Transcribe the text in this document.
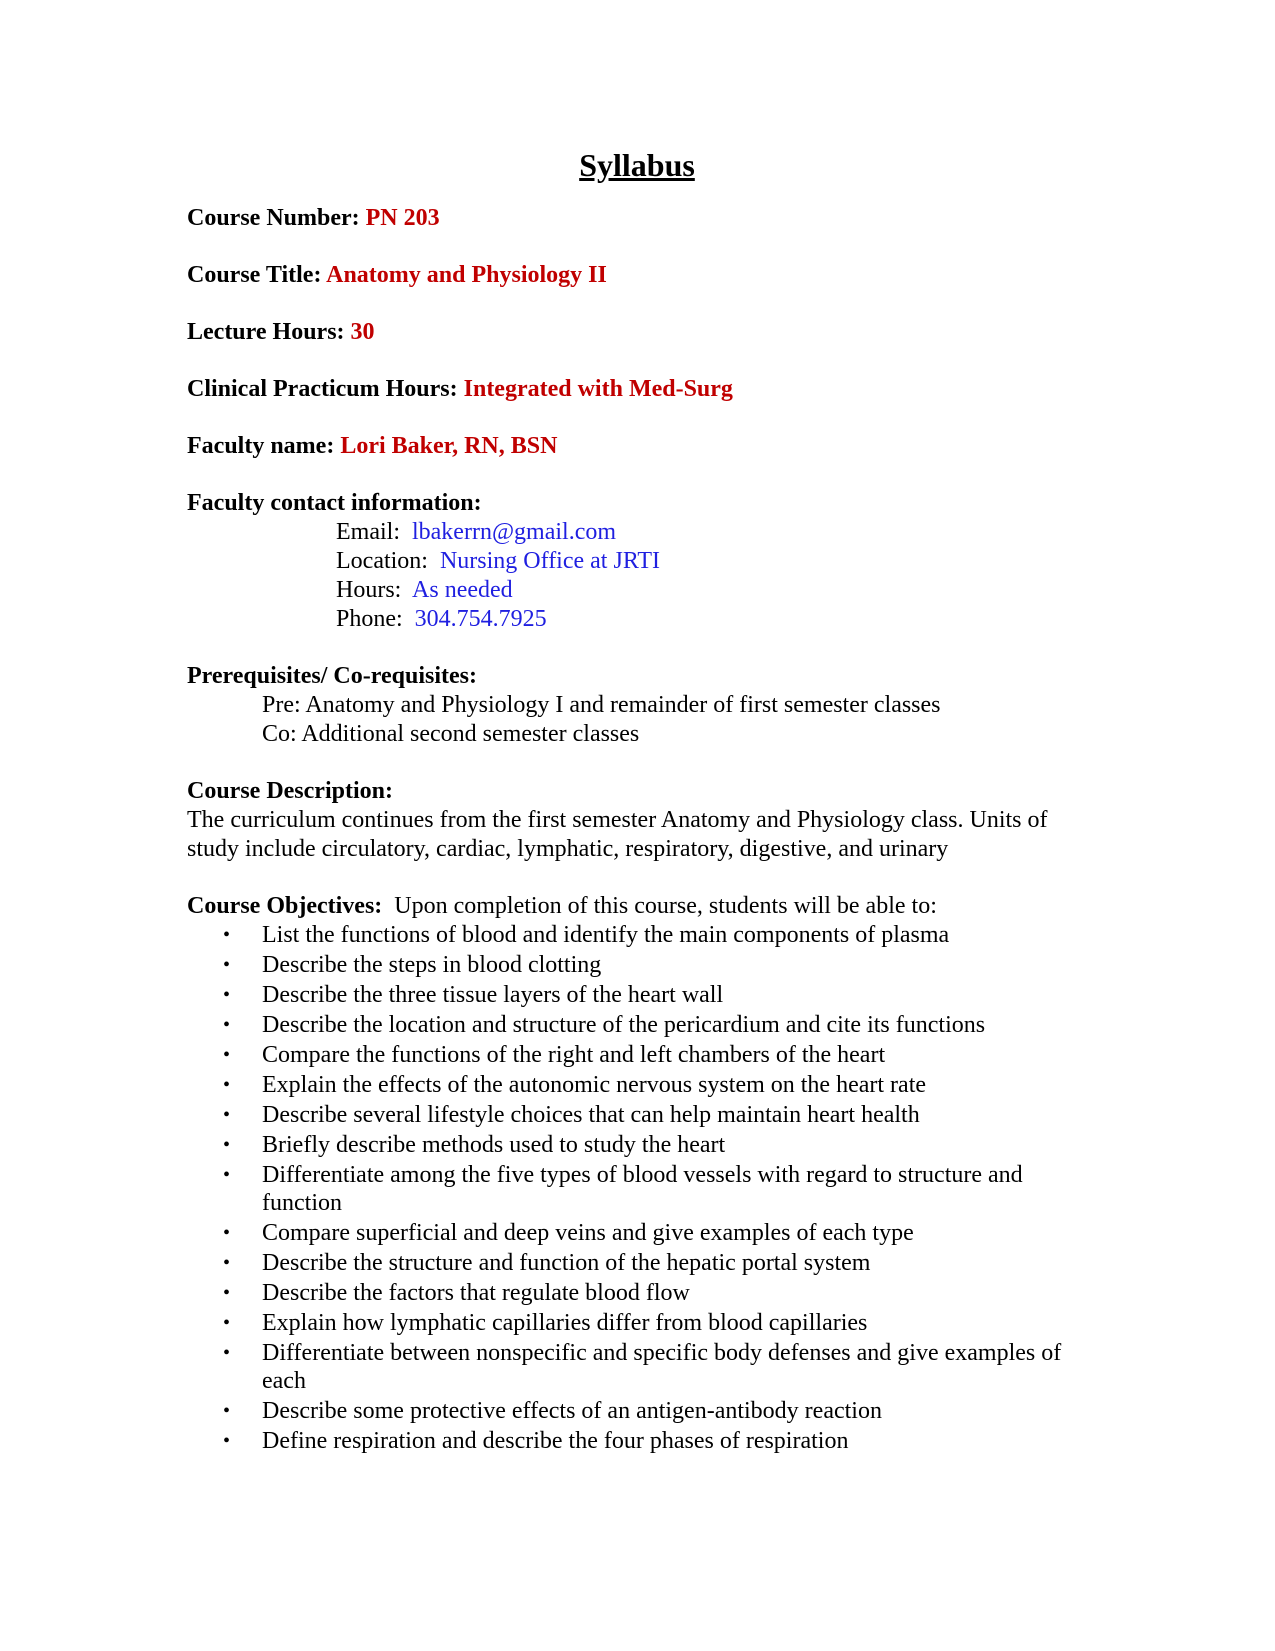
Syllabus
Course Number: PN 203
Course Title: Anatomy and Physiology II
Lecture Hours: 30
Clinical Practicum Hours: Integrated with Med-Surg
Faculty name: Lori Baker, RN, BSN
Faculty contact information:
Email: lbakerrn@gmail.com
Location: Nursing Office at JRTI
Hours: As needed
Phone: 304.754.7925
Prerequisites/ Co-requisites:
Pre: Anatomy and Physiology I and remainder of first semester classes
Co: Additional second semester classes
Course Description:

The curriculum continues from the first semester Anatomy and Physiology class. Units of study include circulatory, cardiac, lymphatic, respiratory, digestive, and urinary

Course Objectives: Upon completion of this course, students will be able to:
• List the functions of blood and identify the main components of plasma
• Describe the steps in blood clotting
• Describe the three tissue layers of the heart wall
• Describe the location and structure of the pericardium and cite its functions
• Compare the functions of the right and left chambers of the heart
• Explain the effects of the autonomic nervous system on the heart rate
• Describe several lifestyle choices that can help maintain heart health
• Briefly describe methods used to study the heart
• Differentiate among the five types of blood vessels with regard to structure and function
• Compare superficial and deep veins and give examples of each type
• Describe the structure and function of the hepatic portal system
• Describe the factors that regulate blood flow
• Explain how lymphatic capillaries differ from blood capillaries
• Differentiate between nonspecific and specific body defenses and give examples of each
• Describe some protective effects of an antigen-antibody reaction
• Define respiration and describe the four phases of respiration
